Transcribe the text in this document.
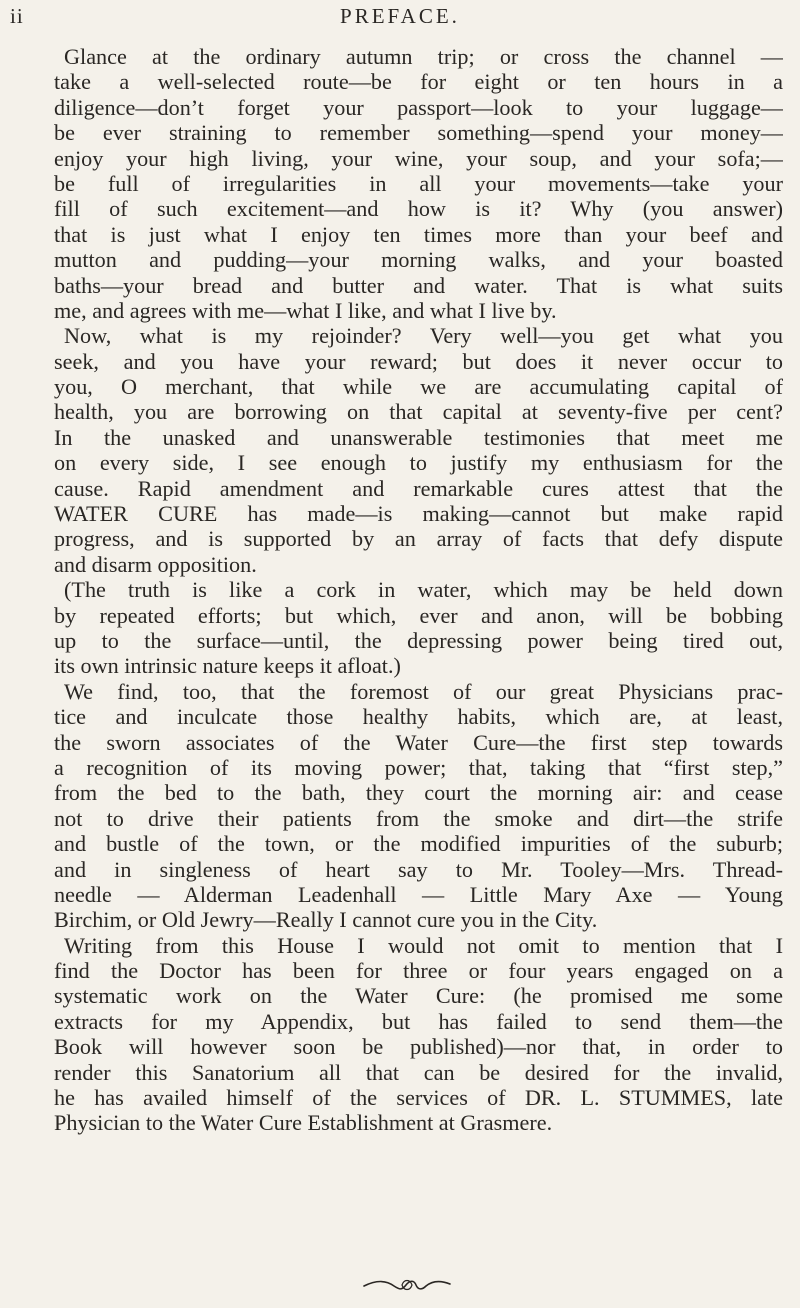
ii	PREFACE.
Glance at the ordinary autumn trip; or cross the channel —
take a well-selected route—be for eight or ten hours in a
diligence—don’t forget your passport—look to your luggage—
be ever straining to remember something—spend your money—
enjoy your high living, your wine, your soup, and your sofa;—
be full of irregularities in all your movements—take your
fill of such excitement—and how is it? Why (you answer)
that is just what I enjoy ten times more than your beef and
mutton and pudding—your morning walks, and your boasted
baths—your bread and butter and water. That is what suits
me, and agrees with me—what I like, and what I live by.
Now, what is my rejoinder? Very well—you get what you
seek, and you have your reward; but does it never occur to
you, O merchant, that while we are accumulating capital of
health, you are borrowing on that capital at seventy-five per cent?
In the unasked and unanswerable testimonies that meet me
on every side, I see enough to justify my enthusiasm for the
cause. Rapid amendment and remarkable cures attest that the
WATER CURE has made—is making—cannot but make rapid
progress, and is supported by an array of facts that defy dispute
and disarm opposition.
(The truth is like a cork in water, which may be held down
by repeated efforts; but which, ever and anon, will be bobbing
up to the surface—until, the depressing power being tired out,
its own intrinsic nature keeps it afloat.)
We find, too, that the foremost of our great Physicians prac-
tice and inculcate those healthy habits, which are, at least,
the sworn associates of the Water Cure—the first step towards
a recognition of its moving power; that, taking that “first step,”
from the bed to the bath, they court the morning air: and cease
not to drive their patients from the smoke and dirt—the strife
and bustle of the town, or the modified impurities of the suburb;
and in singleness of heart say to Mr. Tooley—Mrs. Thread-
needle — Alderman Leadenhall — Little Mary Axe — Young
Birchim, or Old Jewry—Really I cannot cure you in the City.
Writing from this House I would not omit to mention that I
find the Doctor has been for three or four years engaged on a
systematic work on the Water Cure: (he promised me some
extracts for my Appendix, but has failed to send them—the
Book will however soon be published)—nor that, in order to
render this Sanatorium all that can be desired for the invalid,
he has availed himself of the services of DR. L. STUMMES, late
Physician to the Water Cure Establishment at Grasmere.
